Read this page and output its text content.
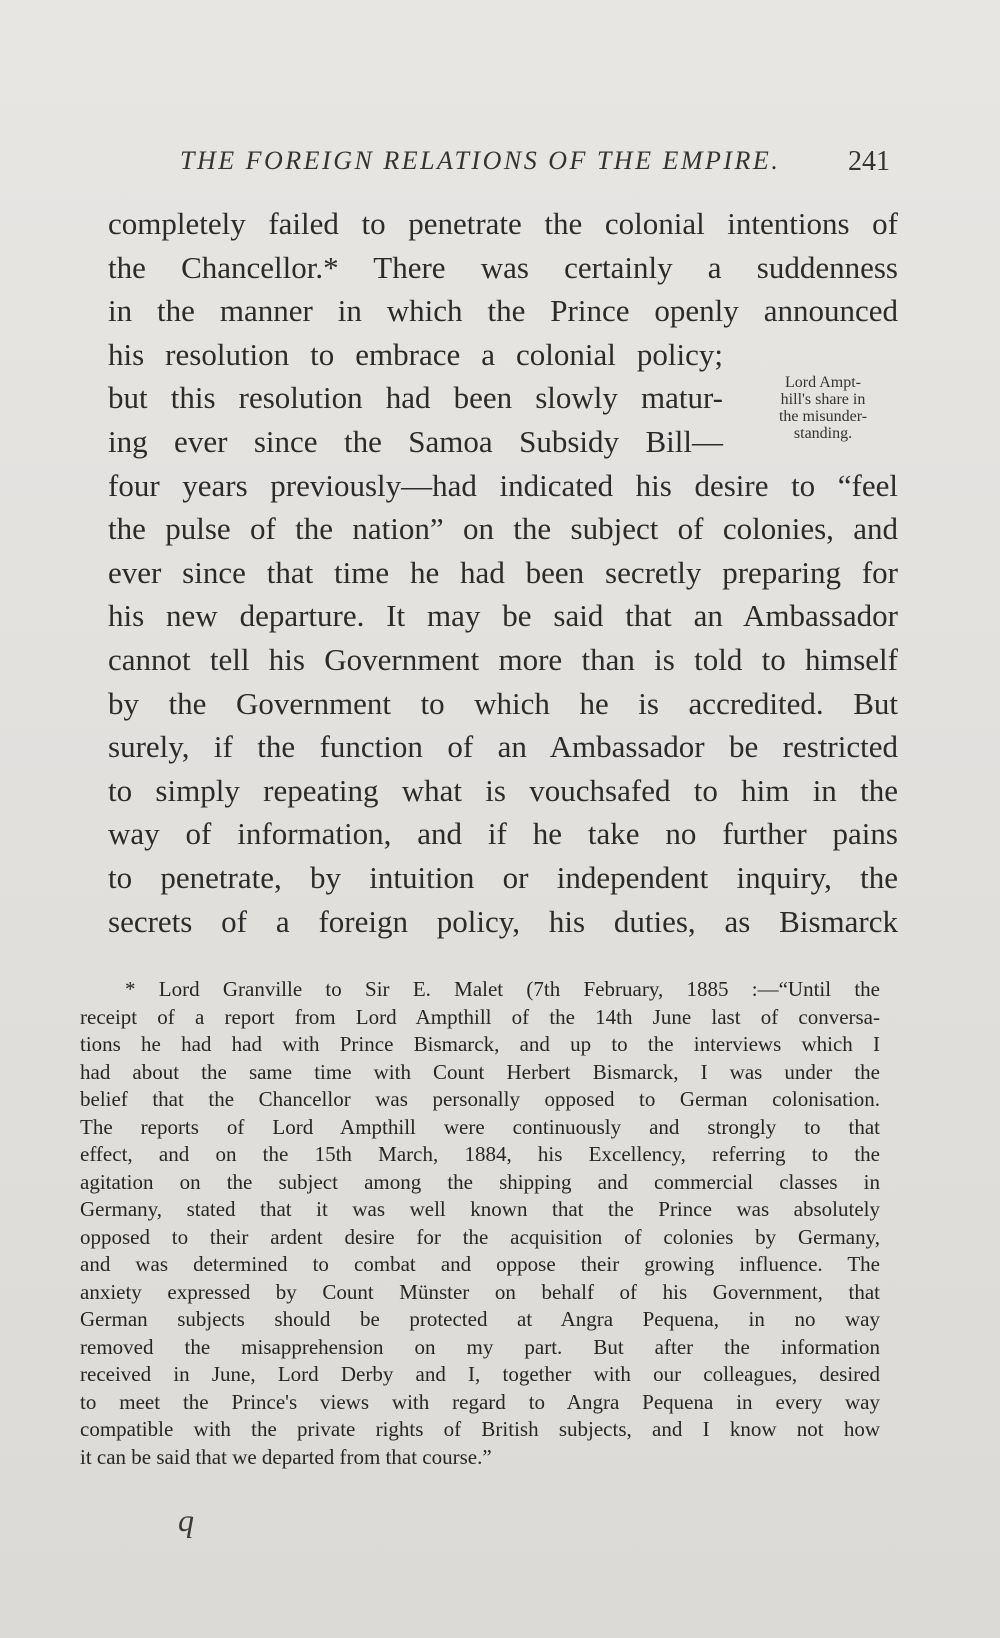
THE FOREIGN RELATIONS OF THE EMPIRE. 241
completely failed to penetrate the colonial intentions of
the Chancellor.* There was certainly a suddenness
in the manner in which the Prince openly announced
his resolution to embrace a colonial policy;
but this resolution had been slowly matur-
ing ever since the Samoa Subsidy Bill—
four years previously—had indicated his desire to “feel
the pulse of the nation” on the subject of colonies, and
ever since that time he had been secretly preparing for
his new departure. It may be said that an Ambassador
cannot tell his Government more than is told to himself
by the Government to which he is accredited. But
surely, if the function of an Ambassador be restricted
to simply repeating what is vouchsafed to him in the
way of information, and if he take no further pains
to penetrate, by intuition or independent inquiry, the
secrets of a foreign policy, his duties, as Bismarck
Lord Ampt-
hill's share in
the misunder-
standing.
* Lord Granville to Sir E. Malet (7th February, 1885 :—“Until the
receipt of a report from Lord Ampthill of the 14th June last of conversa-
tions he had had with Prince Bismarck, and up to the interviews which I
had about the same time with Count Herbert Bismarck, I was under the
belief that the Chancellor was personally opposed to German colonisation.
The reports of Lord Ampthill were continuously and strongly to that
effect, and on the 15th March, 1884, his Excellency, referring to the
agitation on the subject among the shipping and commercial classes in
Germany, stated that it was well known that the Prince was absolutely
opposed to their ardent desire for the acquisition of colonies by Germany,
and was determined to combat and oppose their growing influence. The
anxiety expressed by Count Münster on behalf of his Government, that
German subjects should be protected at Angra Pequena, in no way
removed the misapprehension on my part. But after the information
received in June, Lord Derby and I, together with our colleagues, desired
to meet the Prince's views with regard to Angra Pequena in every way
compatible with the private rights of British subjects, and I know not how
it can be said that we departed from that course.”
q
